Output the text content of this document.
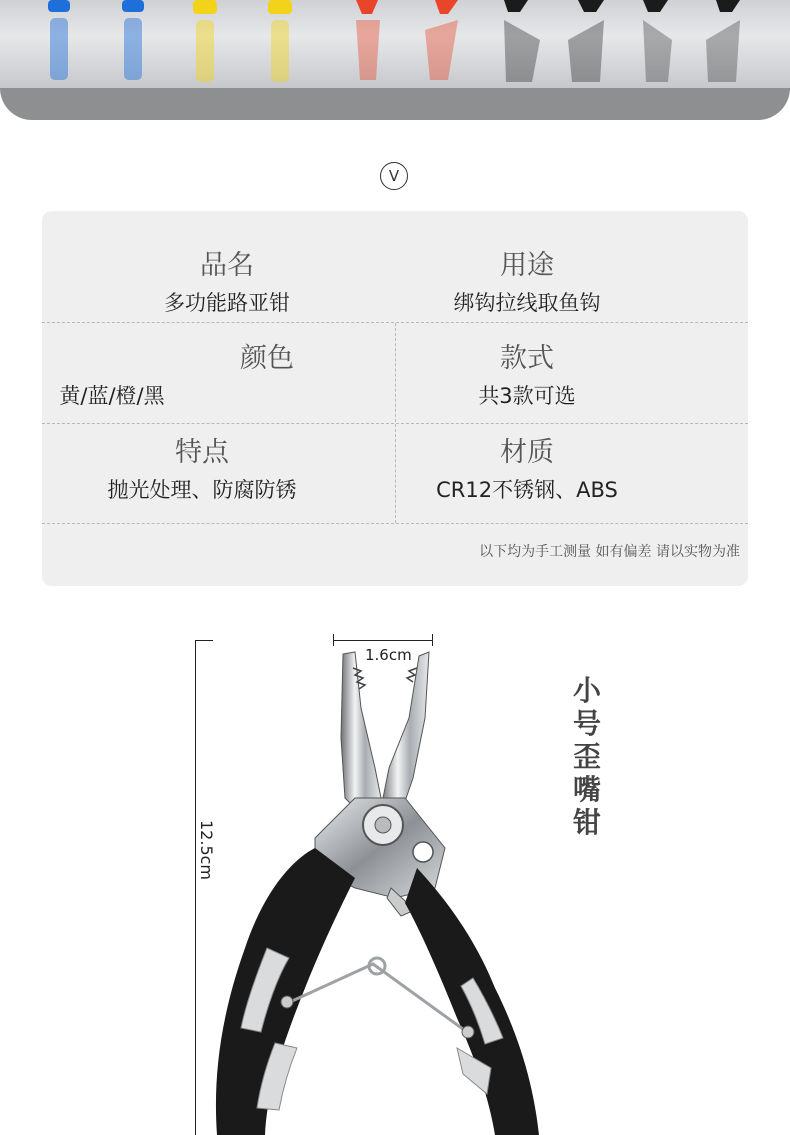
V
品名
多功能路亚钳
用途
绑钩拉线取鱼钩
颜色
黄/蓝/橙/黑
款式
共3款可选
特点
抛光处理、防腐防锈
材质
CR12不锈钢、ABS
以下均为手工测量 如有偏差 请以实物为准
12.5cm
1.6cm
小
号
歪
嘴
钳
